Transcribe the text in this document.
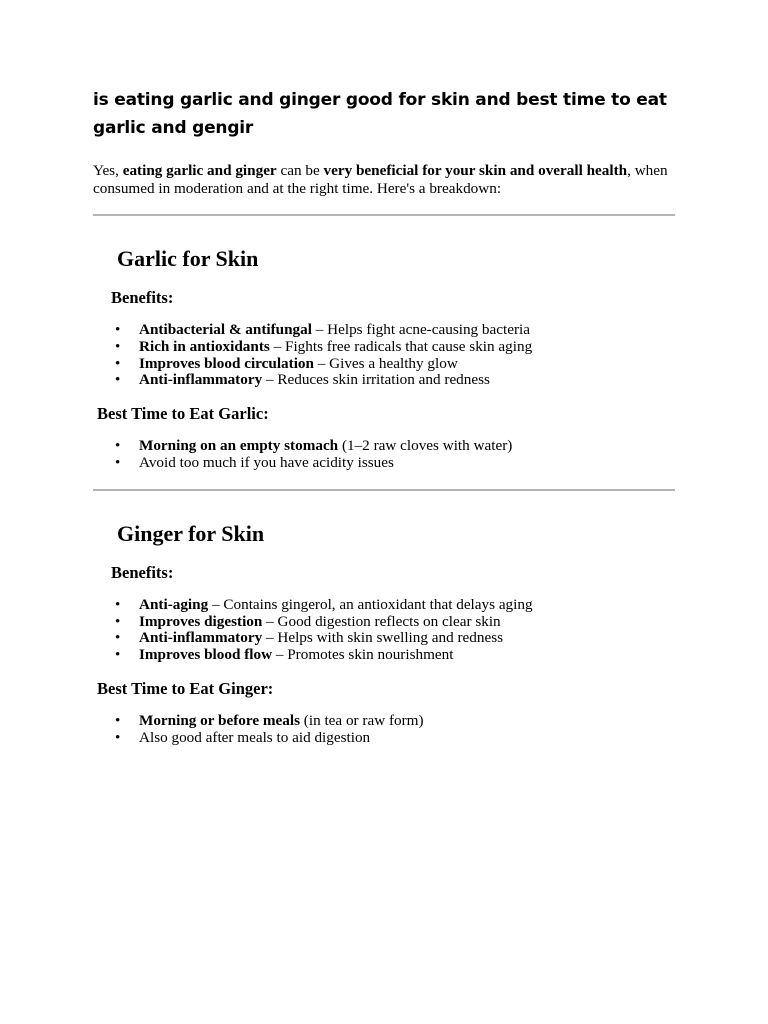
is eating garlic and ginger good for skin and best time to eat garlic and gengir

Yes, eating garlic and ginger can be very beneficial for your skin and overall health, when consumed in moderation and at the right time. Here's a breakdown:

Garlic for Skin
Benefits:
• Antibacterial & antifungal – Helps fight acne-causing bacteria
• Rich in antioxidants – Fights free radicals that cause skin aging
• Improves blood circulation – Gives a healthy glow
• Anti-inflammatory – Reduces skin irritation and redness
Best Time to Eat Garlic:
• Morning on an empty stomach (1–2 raw cloves with water)
• Avoid too much if you have acidity issues
Ginger for Skin
Benefits:
• Anti-aging – Contains gingerol, an antioxidant that delays aging
• Improves digestion – Good digestion reflects on clear skin
• Anti-inflammatory – Helps with skin swelling and redness
• Improves blood flow – Promotes skin nourishment
Best Time to Eat Ginger:
• Morning or before meals (in tea or raw form)
• Also good after meals to aid digestion
